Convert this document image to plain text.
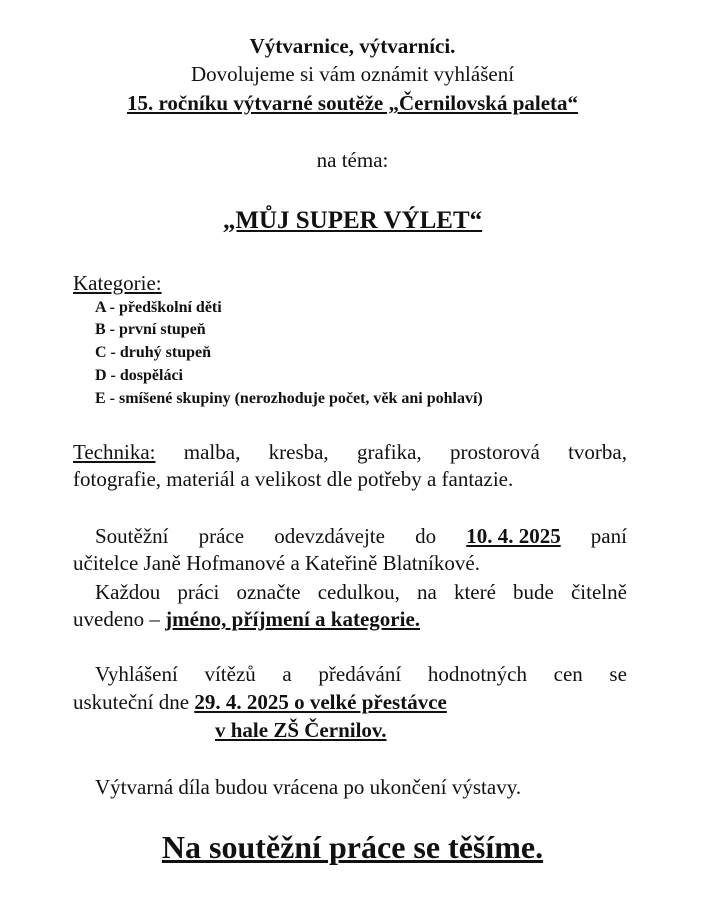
Výtvarnice, výtvarníci.
Dovolujeme si vám oznámit vyhlášení
15. ročníku výtvarné soutěže „Černilovská paleta“
na téma:
„MŮJ SUPER VÝLET“
Kategorie:
A - předškolní děti
B - první stupeň
C - druhý stupeň
D - dospěláci
E - smíšené skupiny (nerozhoduje počet, věk ani pohlaví)
Technika: malba, kresba, grafika, prostorová tvorba,
fotografie, materiál a velikost dle potřeby a fantazie.
Soutěžní práce odevzdávejte do 10. 4. 2025 paní
učitelce Janě Hofmanové a Kateřině Blatníkové.
Každou práci označte cedulkou, na které bude čitelně
uvedeno – jméno, příjmení a kategorie.
Vyhlášení vítězů a předávání hodnotných cen se
uskuteční dne 29. 4. 2025 o velké přestávce
v hale ZŠ Černilov.
Výtvarná díla budou vrácena po ukončení výstavy.
Na soutěžní práce se těšíme.
